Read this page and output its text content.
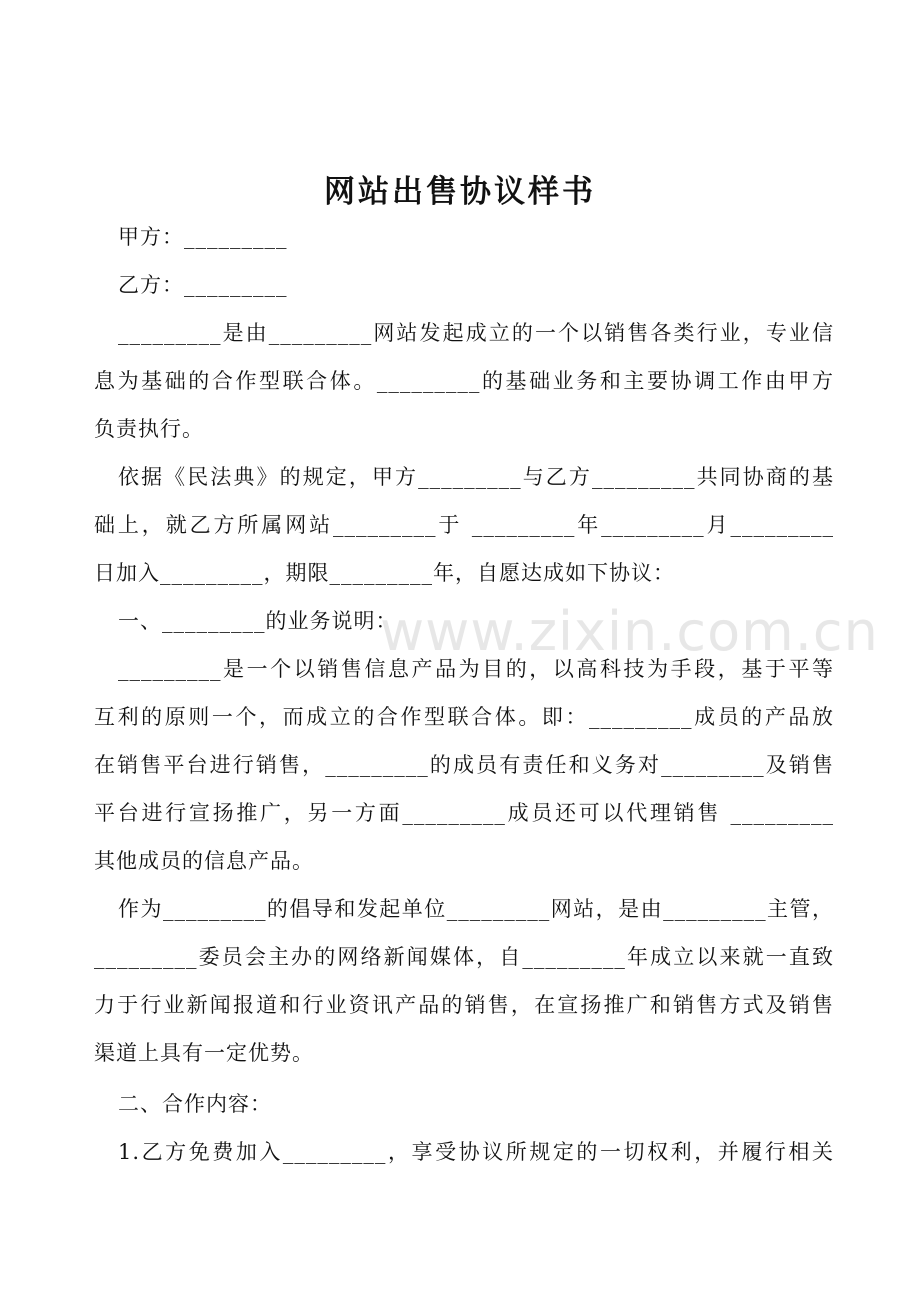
网站出售协议样书
甲方：_________
乙方：_________
_________是由_________网站发起成立的一个以销售各类行业，专业信
息为基础的合作型联合体。_________的基础业务和主要协调工作由甲方
负责执行。
依据《民法典》的规定，甲方_________与乙方_________共同协商的基
础上，就乙方所属网站_________于 _________年_________月_________
日加入_________，期限_________年，自愿达成如下协议：
一、_________的业务说明：
_________是一个以销售信息产品为目的，以高科技为手段，基于平等
互利的原则一个，而成立的合作型联合体。即：_________成员的产品放
在销售平台进行销售，_________的成员有责任和义务对_________及销售
平台进行宣扬推广，另一方面_________成员还可以代理销售 _________
其他成员的信息产品。
作为_________的倡导和发起单位_________网站，是由_________主管，
_________委员会主办的网络新闻媒体，自_________年成立以来就一直致
力于行业新闻报道和行业资讯产品的销售，在宣扬推广和销售方式及销售
渠道上具有一定优势。
二、合作内容：
1.乙方免费加入_________，享受协议所规定的一切权利，并履行相关
www.zixin.com.cn
